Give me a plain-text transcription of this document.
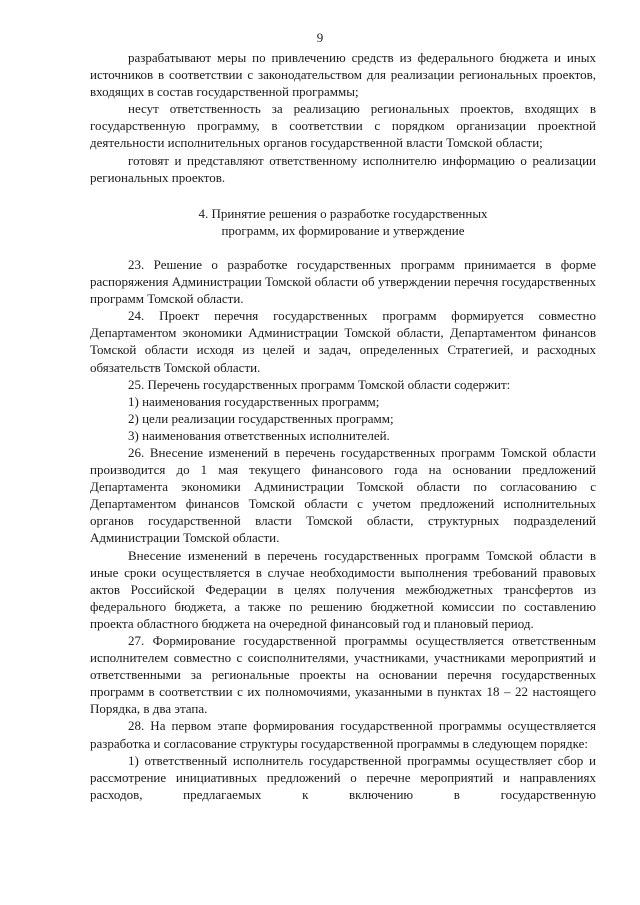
9

разрабатывают меры по привлечению средств из федерального бюджета и иных источников в соответствии с законодательством для реализации региональных проектов, входящих в состав государственной программы;

несут ответственность за реализацию региональных проектов, входящих в государственную программу, в соответствии с порядком организации проектной деятельности исполнительных органов государственной власти Томской области;

готовят и представляют ответственному исполнителю информацию о реализации региональных проектов.

4. Принятие решения о разработке государственных
программ, их формирование и утверждение

23. Решение о разработке государственных программ принимается в форме распоряжения Администрации Томской области об утверждении перечня государственных программ Томской области.

24. Проект перечня государственных программ формируется совместно Департаментом экономики Администрации Томской области, Департаментом финансов Томской области исходя из целей и задач, определенных Стратегией, и расходных обязательств Томской области.

25. Перечень государственных программ Томской области содержит:

1) наименования государственных программ;

2) цели реализации государственных программ;

3) наименования ответственных исполнителей.

26. Внесение изменений в перечень государственных программ Томской области производится до 1 мая текущего финансового года на основании предложений Департамента экономики Администрации Томской области по согласованию с Департаментом финансов Томской области с учетом предложений исполнительных органов государственной власти Томской области, структурных подразделений Администрации Томской области.

Внесение изменений в перечень государственных программ Томской области в иные сроки осуществляется в случае необходимости выполнения требований правовых актов Российской Федерации в целях получения межбюджетных трансфертов из федерального бюджета, а также по решению бюджетной комиссии по составлению проекта областного бюджета на очередной финансовый год и плановый период.

27. Формирование государственной программы осуществляется ответственным исполнителем совместно с соисполнителями, участниками, участниками мероприятий и ответственными за региональные проекты на основании перечня государственных программ в соответствии с их полномочиями, указанными в пунктах 18 – 22 настоящего Порядка, в два этапа.

28. На первом этапе формирования государственной программы осуществляется разработка и согласование структуры государственной программы в следующем порядке:

1) ответственный исполнитель государственной программы осуществляет сбор и рассмотрение инициативных предложений о перечне мероприятий и направлениях расходов, предлагаемых к включению в государственную
